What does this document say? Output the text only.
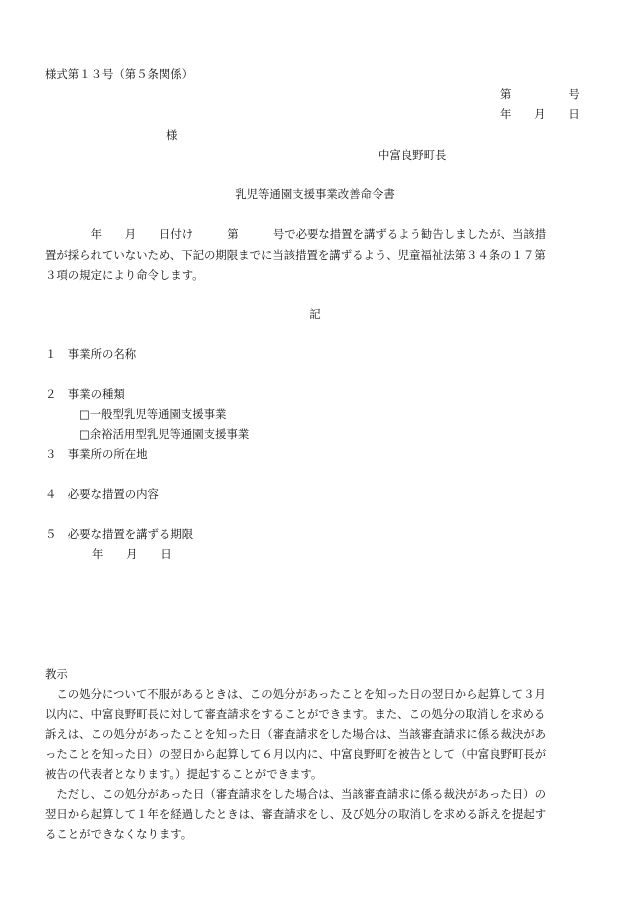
様式第１３号（第５条関係）
第　　　　　号
年　　月　　日
様
中富良野町長
乳児等通園支援事業改善命令書
　　　　年　　月　　日付け　　　第　　　号で必要な措置を講ずるよう勧告しましたが、当該措
置が採られていないため、下記の期限までに当該措置を講ずるよう、児童福祉法第３４条の１７第
３項の規定により命令します。
記
１　事業所の名称
２　事業の種類
□一般型乳児等通園支援事業
□余裕活用型乳児等通園支援事業
３　事業所の所在地
４　必要な措置の内容
５　必要な措置を講ずる期限
年　　月　　日
教示
　この処分について不服があるときは、この処分があったことを知った日の翌日から起算して３月
以内に、中富良野町長に対して審査請求をすることができます。また、この処分の取消しを求める
訴えは、この処分があったことを知った日（審査請求をした場合は、当該審査請求に係る裁決があ
ったことを知った日）の翌日から起算して６月以内に、中富良野町を被告として（中富良野町長が
被告の代表者となります。）提起することができます。
　ただし、この処分があった日（審査請求をした場合は、当該審査請求に係る裁決があった日）の
翌日から起算して１年を経過したときは、審査請求をし、及び処分の取消しを求める訴えを提起す
ることができなくなります。
